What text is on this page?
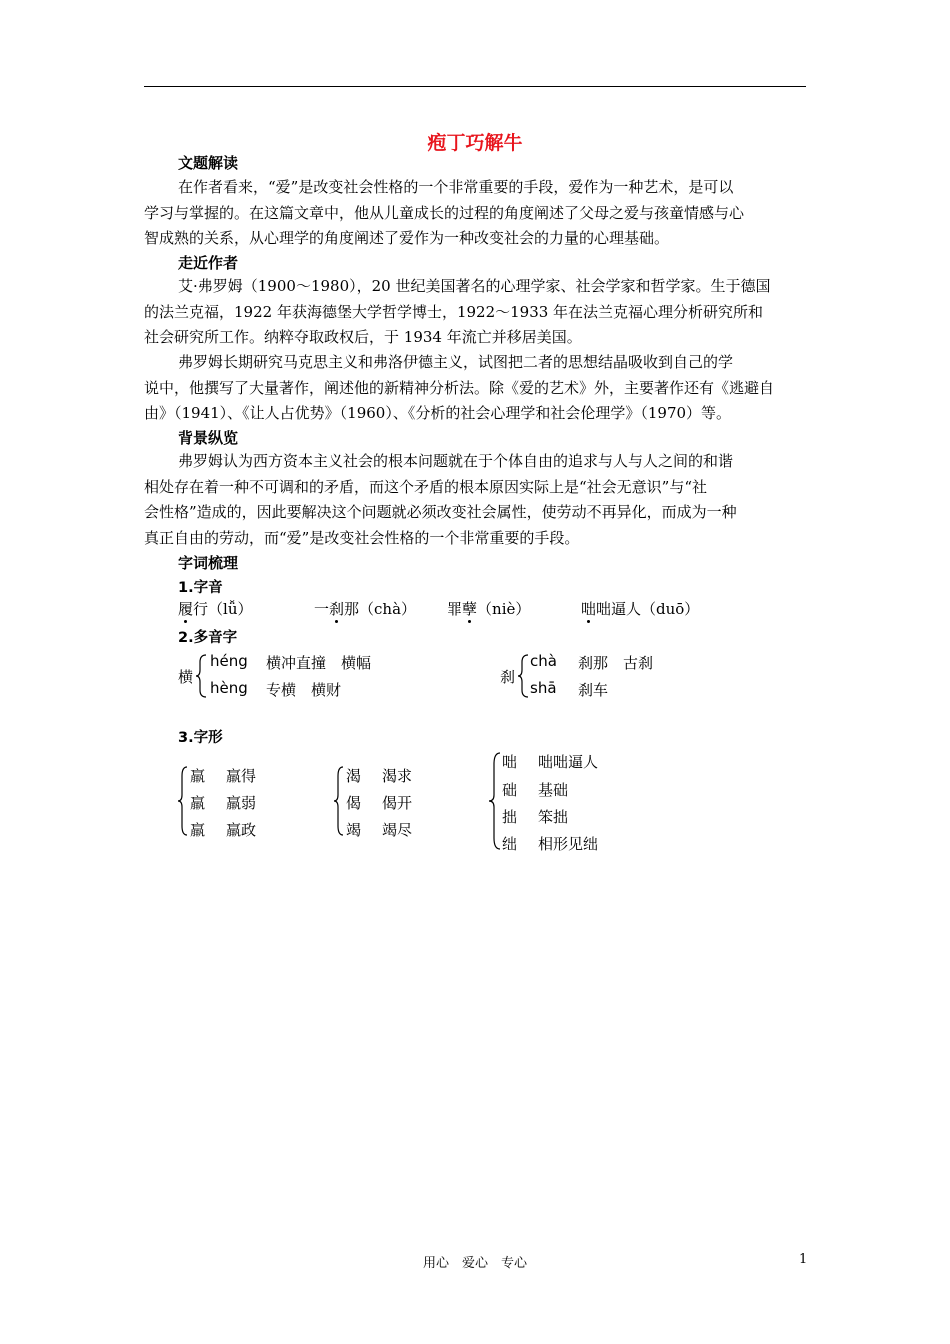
疱丁巧解牛
文题解读
在作者看来，“爱”是改变社会性格的一个非常重要的手段，爱作为一种艺术，是可以
学习与掌握的。在这篇文章中，他从儿童成长的过程的角度阐述了父母之爱与孩童情感与心
智成熟的关系，从心理学的角度阐述了爱作为一种改变社会的力量的心理基础。
走近作者
艾·弗罗姆（1900～1980），20 世纪美国著名的心理学家、社会学家和哲学家。生于德国
的法兰克福，1922 年获海德堡大学哲学博士，1922～1933 年在法兰克福心理分析研究所和
社会研究所工作。纳粹夺取政权后，于 1934 年流亡并移居美国。
弗罗姆长期研究马克思主义和弗洛伊德主义，试图把二者的思想结晶吸收到自己的学
说中，他撰写了大量著作，阐述他的新精神分析法。除《爱的艺术》外，主要著作还有《逃避自
由》（1941）、《让人占优势》（1960）、《分析的社会心理学和社会伦理学》（1970）等。
背景纵览
弗罗姆认为西方资本主义社会的根本问题就在于个体自由的追求与人与人之间的和谐
相处存在着一种不可调和的矛盾，而这个矛盾的根本原因实际上是“社会无意识”与“社
会性格”造成的，因此要解决这个问题就必须改变社会属性，使劳动不再异化，而成为一种
真正自由的劳动，而“爱”是改变社会性格的一个非常重要的手段。
字词梳理
1.字音
履行（lǚ）	一刹那（chà） 罪孽（niè）	咄咄逼人（duō）
2.多音字
横
héng 横冲直撞　横幅
hèng 专横　横财
刹
chà 刹那　古刹
shā 刹车
3.字形
羸 羸得
羸 羸弱
羸 羸政
渴 渴求
偈 偈开
竭 竭尽
咄 咄咄逼人
础 基础
拙 笨拙
绌 相形见绌
用心　爱心　专心	1
